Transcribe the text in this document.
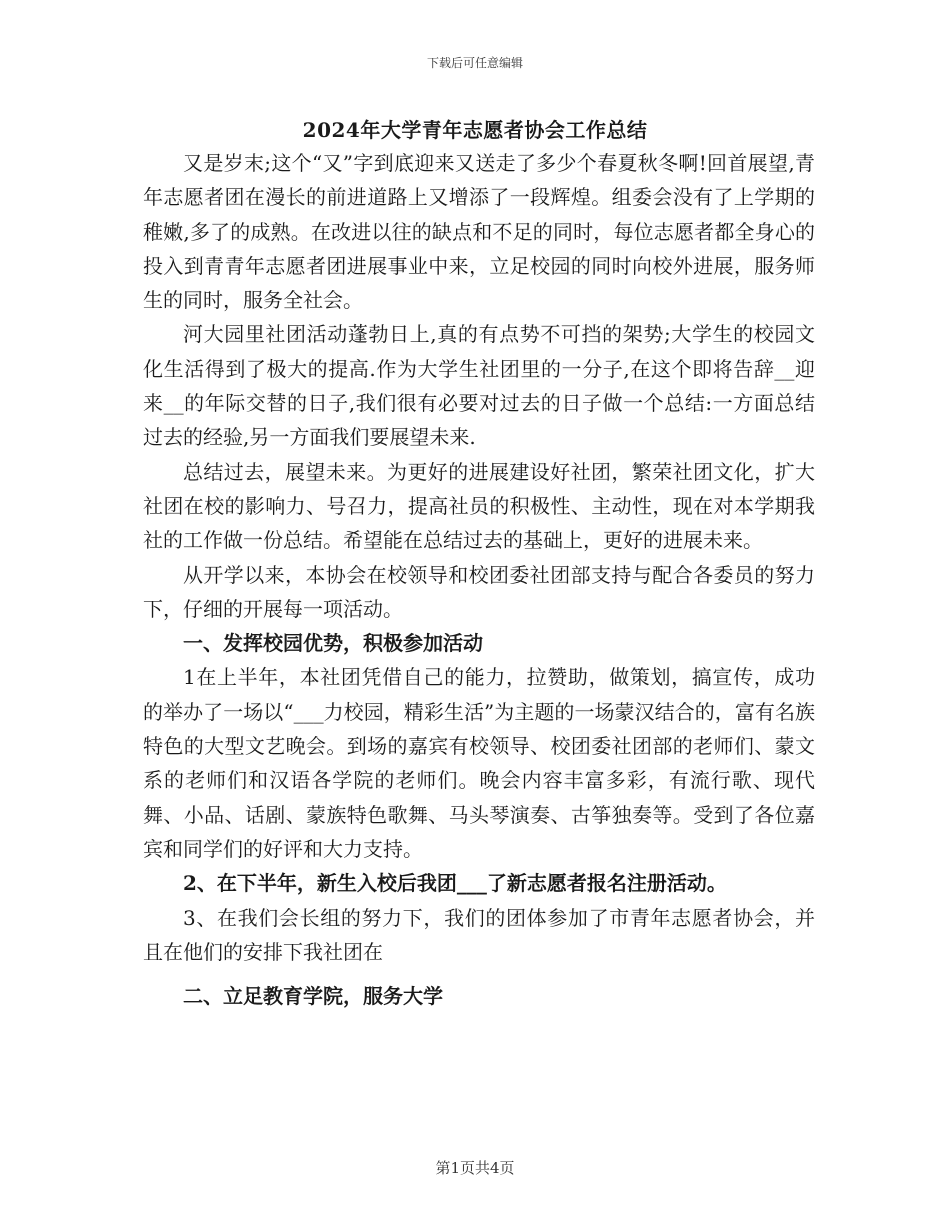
下载后可任意编辑
2024年大学青年志愿者协会工作总结

又是岁末;这个“又”字到底迎来又送走了多少个春夏秋冬啊!回首展望,青年志愿者团在漫长的前进道路上又增添了一段辉煌。组委会没有了上学期的稚嫩,多了的成熟。在改进以往的缺点和不足的同时，每位志愿者都全身心的投入到青青年志愿者团进展事业中来，立足校园的同时向校外进展，服务师生的同时，服务全社会。

河大园里社团活动蓬勃日上,真的有点势不可挡的架势;大学生的校园文化生活得到了极大的提高.作为大学生社团里的一分子,在这个即将告辞__迎来__的年际交替的日子,我们很有必要对过去的日子做一个总结:一方面总结过去的经验,另一方面我们要展望未来.

总结过去，展望未来。为更好的进展建设好社团，繁荣社团文化，扩大社团在校的影响力、号召力，提高社员的积极性、主动性，现在对本学期我社的工作做一份总结。希望能在总结过去的基础上，更好的进展未来。

从开学以来，本协会在校领导和校团委社团部支持与配合各委员的努力下，仔细的开展每一项活动。

一、发挥校园优势，积极参加活动

1在上半年，本社团凭借自己的能力，拉赞助，做策划，搞宣传，成功的举办了一场以“___力校园，精彩生活”为主题的一场蒙汉结合的，富有名族特色的大型文艺晚会。到场的嘉宾有校领导、校团委社团部的老师们、蒙文系的老师们和汉语各学院的老师们。晚会内容丰富多彩，有流行歌、现代舞、小品、话剧、蒙族特色歌舞、马头琴演奏、古筝独奏等。受到了各位嘉宾和同学们的好评和大力支持。

2、在下半年，新生入校后我团___了新志愿者报名注册活动。

3、在我们会长组的努力下，我们的团体参加了市青年志愿者协会，并且在他们的安排下我社团在

二、立足教育学院，服务大学

第1页共4页
